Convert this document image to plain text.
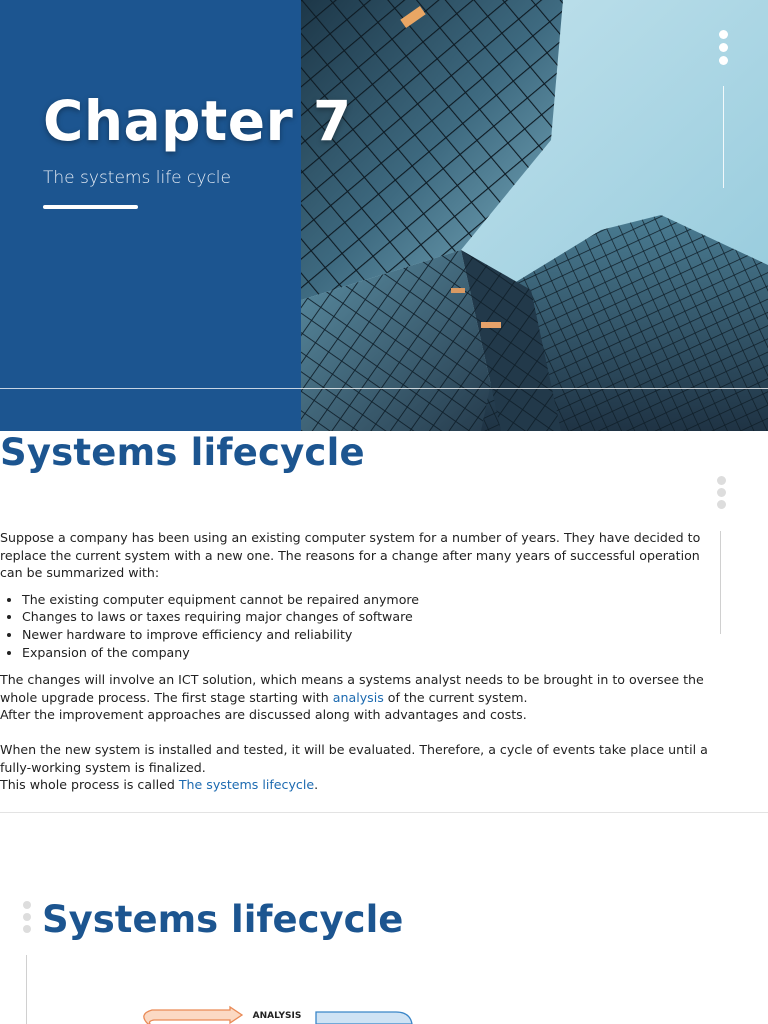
Chapter 7
The systems life cycle
Systems lifecycle

Suppose a company has been using an existing computer system for a number of years. They have decided to replace the current system with a new one. The reasons for a change after many years of successful operation can be summarized with:

• The existing computer equipment cannot be repaired anymore
• Changes to laws or taxes requiring major changes of software
• Newer hardware to improve efficiency and reliability
• Expansion of the company

The changes will involve an ICT solution, which means a systems analyst needs to be brought in to oversee the whole upgrade process. The first stage starting with analysis of the current system.

After the improvement approaches are discussed along with advantages and costs.

When the new system is installed and tested, it will be evaluated. Therefore, a cycle of events take place until a fully-working system is finalized.

This whole process is called The systems lifecycle.

Systems lifecycle
ANALYSIS
